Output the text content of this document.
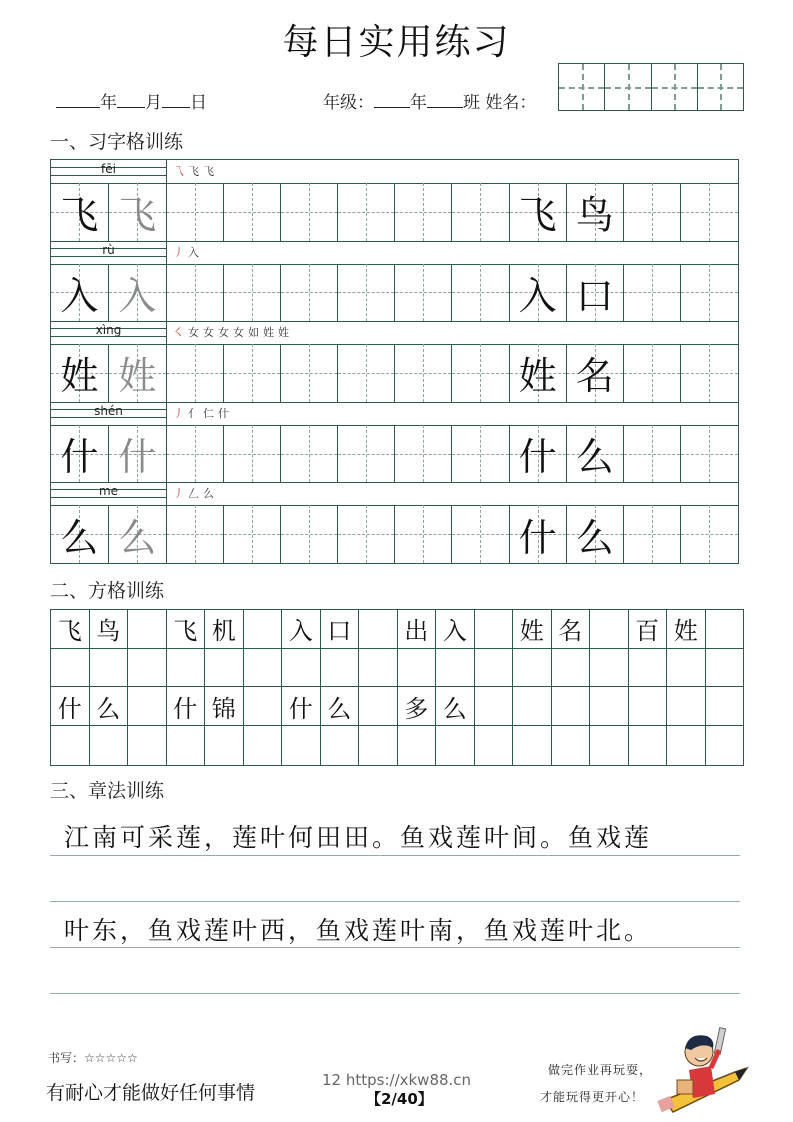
每日实用练习
年 月 日	年级： 年 班 姓名：
一、习字格训练
fēi	乁飞飞
飞 飞	飞 鸟
rù	丿入
入 入	入 口
xìng	㇛女女女女如姓姓
姓 姓	姓 名
shén	丿亻仁什
什 什	什 么
me	丿𠃋么
么 么	什 么
二、方格训练
飞 鸟	飞 机	入 口	出 入	姓 名	百 姓
什 么	什 锦	什 么	多 么
三、章法训练
江南可采莲，莲叶何田田。鱼戏莲叶间。鱼戏莲
叶东，鱼戏莲叶西，鱼戏莲叶南，鱼戏莲叶北。
书写：☆☆☆☆☆
有耐心才能做好任何事情
12 https://xkw88.cn
【2/40】
做完作业再玩耍，
才能玩得更开心！
